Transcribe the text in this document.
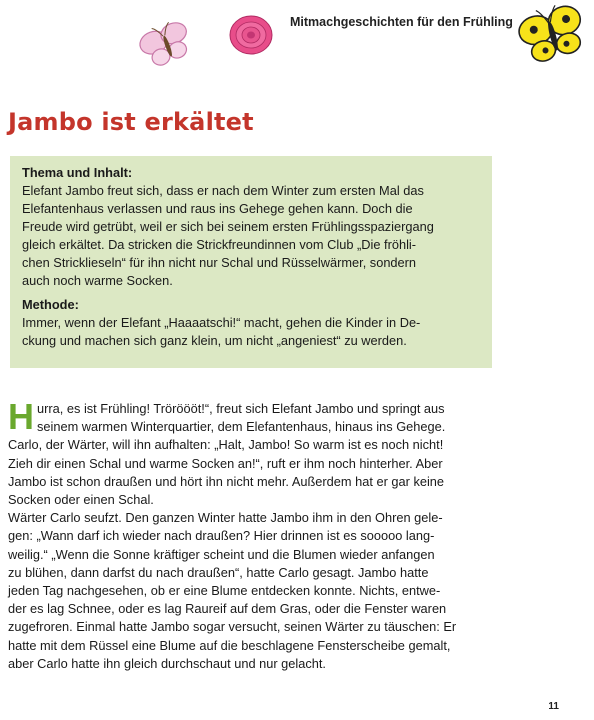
Mitmachgeschichten für den Frühling
Jambo ist erkältet

Thema und Inhalt:

Elefant Jambo freut sich, dass er nach dem Winter zum ersten Mal das

Elefantenhaus verlassen und raus ins Gehege gehen kann. Doch die

Freude wird getrübt, weil er sich bei seinem ersten Frühlingsspaziergang

gleich erkältet. Da stricken die Strickfreundinnen vom Club „Die fröhli-

chen Stricklieseln“ für ihn nicht nur Schal und Rüsselwärmer, sondern

auch noch warme Socken.

Methode:

Immer, wenn der Elefant „Haaaatschi!“ macht, gehen die Kinder in De-

ckung und machen sich ganz klein, um nicht „angeniest“ zu werden.

H urra, es ist Frühling! Tröröööt!“, freut sich Elefant Jambo und springt aus

seinem warmen Winterquartier, dem Elefantenhaus, hinaus ins Gehege.

Carlo, der Wärter, will ihn aufhalten: „Halt, Jambo! So warm ist es noch nicht!

Zieh dir einen Schal und warme Socken an!“, ruft er ihm noch hinterher. Aber

Jambo ist schon draußen und hört ihn nicht mehr. Außerdem hat er gar keine

Socken oder einen Schal.

Wärter Carlo seufzt. Den ganzen Winter hatte Jambo ihm in den Ohren gele-

gen: „Wann darf ich wieder nach draußen? Hier drinnen ist es sooooo lang-

weilig.“ „Wenn die Sonne kräftiger scheint und die Blumen wieder anfangen

zu blühen, dann darfst du nach draußen“, hatte Carlo gesagt. Jambo hatte

jeden Tag nachgesehen, ob er eine Blume entdecken konnte. Nichts, entwe-

der es lag Schnee, oder es lag Raureif auf dem Gras, oder die Fenster waren

zugefroren. Einmal hatte Jambo sogar versucht, seinen Wärter zu täuschen: Er

hatte mit dem Rüssel eine Blume auf die beschlagene Fensterscheibe gemalt,

aber Carlo hatte ihn gleich durchschaut und nur gelacht.

11
